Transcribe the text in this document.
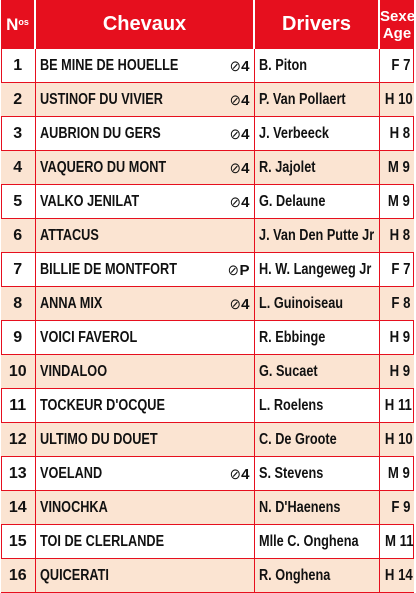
$N^{os}$	Chevaux	Drivers	Sexe
Age
1	BE MINE DE HOUELLE ⊘4	B. Piton	F 7
2	USTINOF DU VIVIER ⊘4	P. Van Pollaert	H 10
3	AUBRION DU GERS ⊘4	J. Verbeeck	H 8
4	VAQUERO DU MONT ⊘4	R. Jajolet	M 9
5	VALKO JENILAT ⊘4	G. Delaune	M 9
6	ATTACUS	J. Van Den Putte Jr	H 8
7	BILLIE DE MONTFORT ⊘P	H. W. Langeweg Jr	F 7
8	ANNA MIX ⊘4	L. Guinoiseau	F 8
9	VOICI FAVEROL	R. Ebbinge	H 9
10	VINDALOO	G. Sucaet	H 9
11	TOCKEUR D'OCQUE	L. Roelens	H 11
12	ULTIMO DU DOUET	C. De Groote	H 10
13	VOELAND ⊘4	S. Stevens	M 9
14	VINOCHKA	N. D'Haenens	F 9
15	TOI DE CLERLANDE	Mlle C. Onghena	M 11
16	QUICERATI	R. Onghena	H 14
